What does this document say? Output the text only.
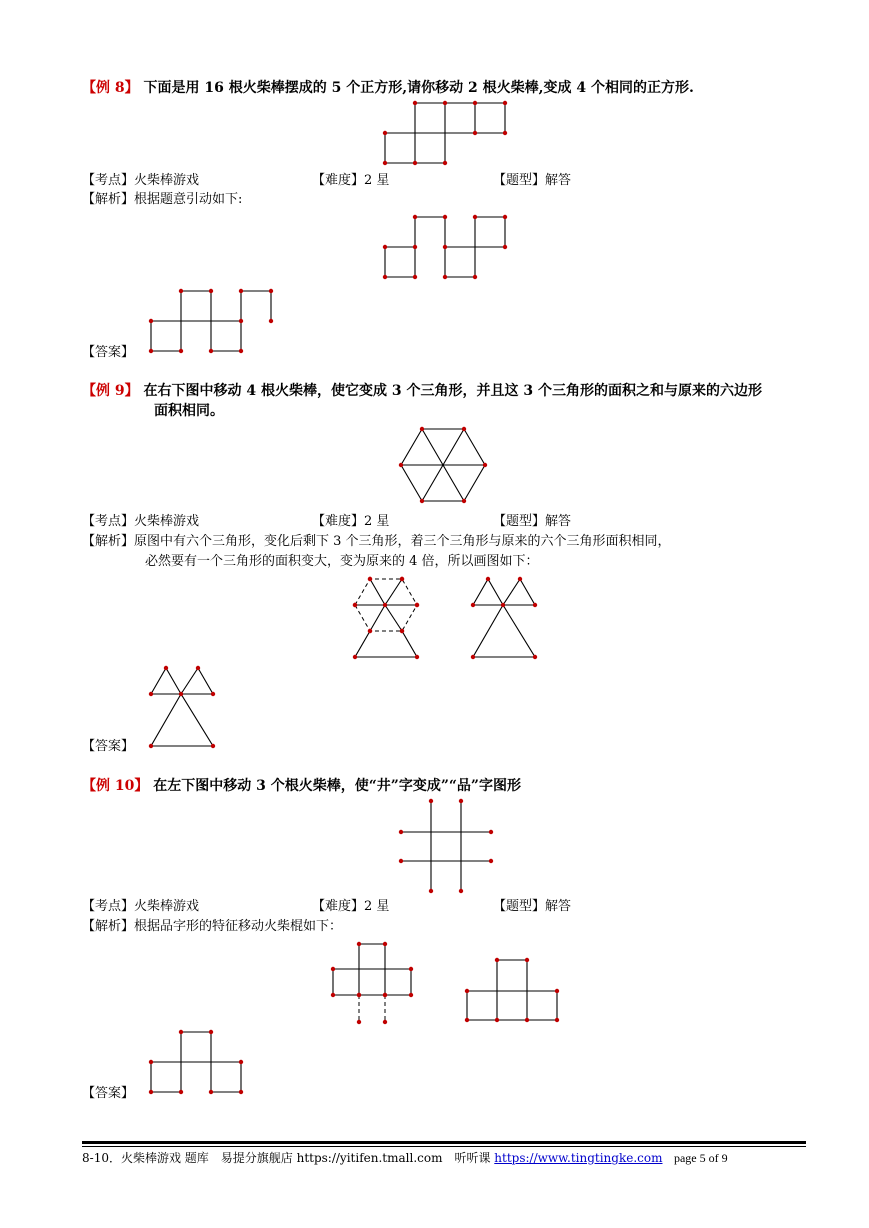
【例 8】 下面是用 16 根火柴棒摆成的 5 个正方形,请你移动 2 根火柴棒,变成 4 个相同的正方形.
【考点】火柴棒游戏	【难度】2 星	【题型】解答
【解析】根据题意引动如下:
【答案】
【例 9】 在右下图中移动 4 根火柴棒，使它变成 3 个三角形，并且这 3 个三角形的面积之和与原来的六边形
面积相同。
【考点】火柴棒游戏	【难度】2 星	【题型】解答
【解析】原图中有六个三角形，变化后剩下 3 个三角形，着三个三角形与原来的六个三角形面积相同，
必然要有一个三角形的面积变大，变为原来的 4 倍，所以画图如下：
【答案】
【例 10】 在左下图中移动 3 个根火柴棒，使“井”字变成”“品”字图形
【考点】火柴棒游戏	【难度】2 星	【题型】解答
【解析】根据品字形的特征移动火柴棍如下：
【答案】
8-10．火柴棒游戏 题库　易提分旗舰店 https://yitifen.tmall.com　听听课 https://www.tingtingke.com page 5 of 9
